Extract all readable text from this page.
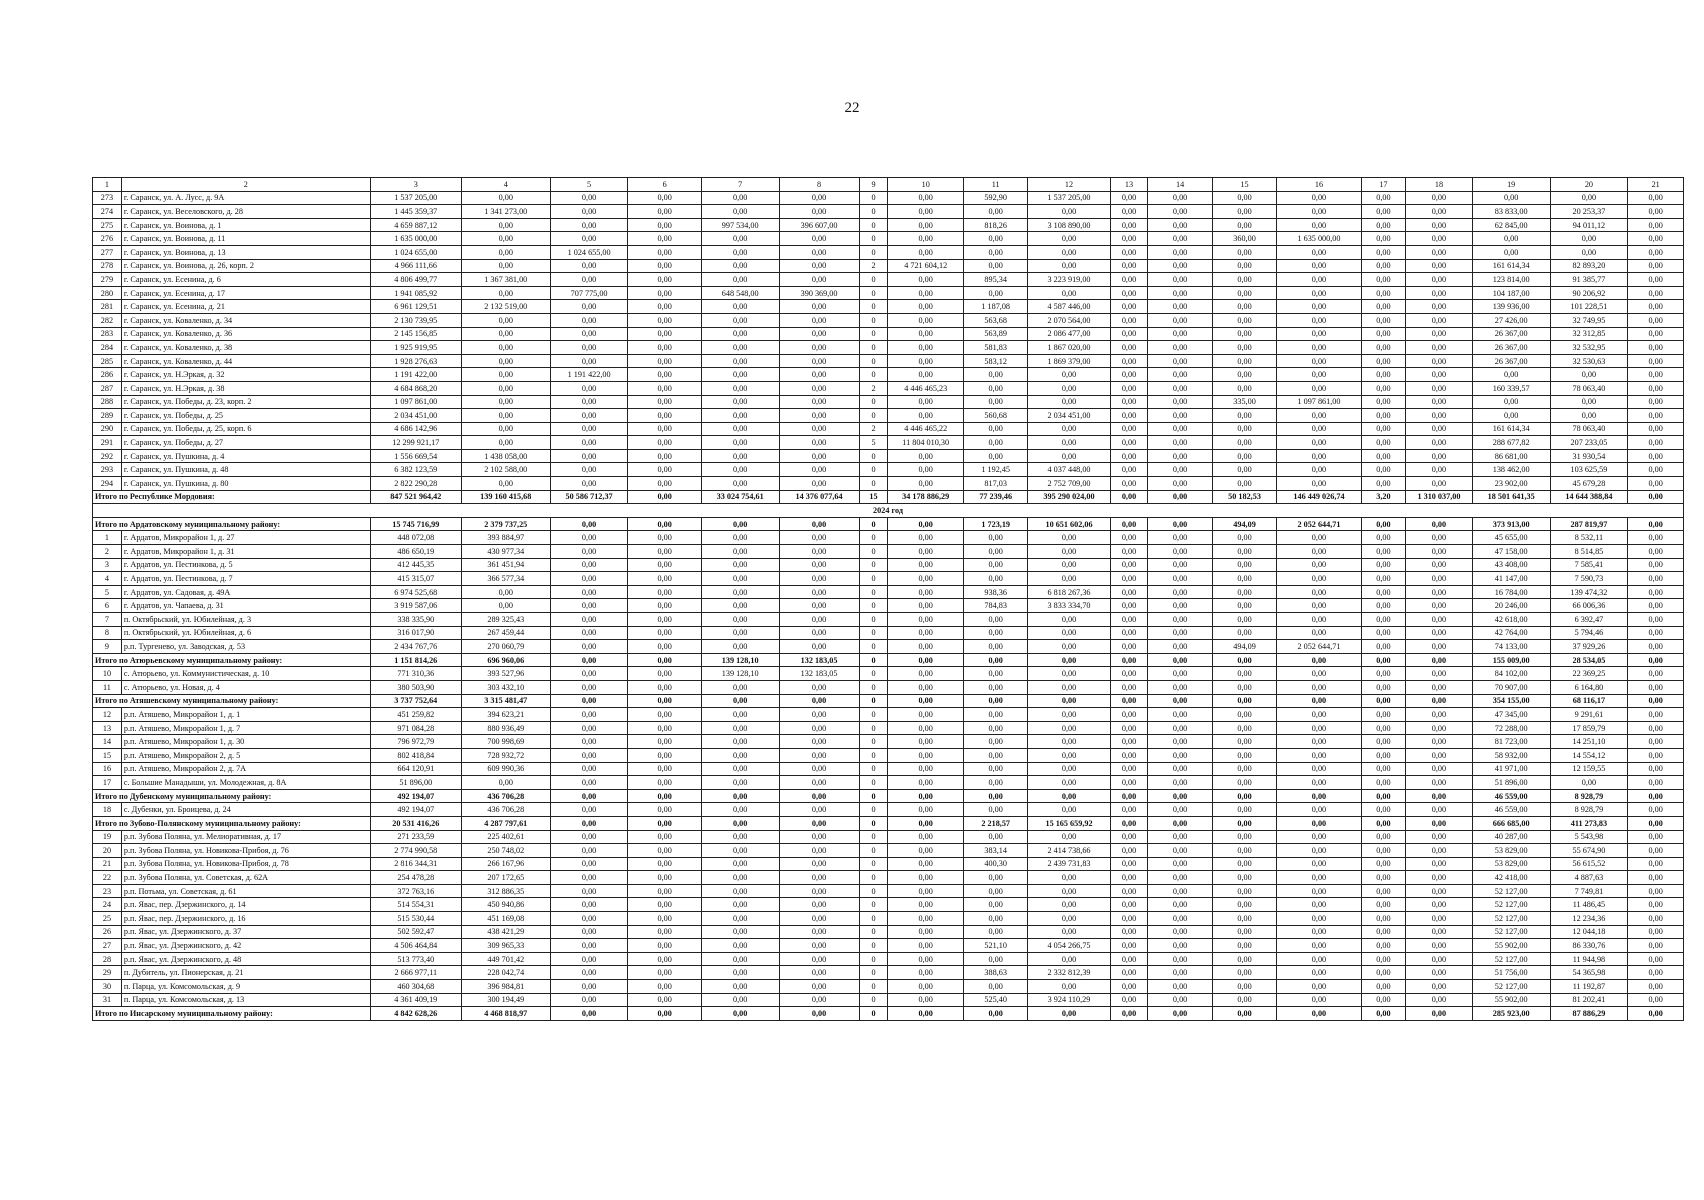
22
1	2	3	4	5	6	7	8	9	10	11	12	13	14	15	16	17	18	19	20	21
273	г. Саранск, ул. А. Лусс, д. 9А	1 537 205,00	0,00	0,00	0,00	0,00	0,00	0	0,00	592,90	1 537 205,00	0,00	0,00	0,00	0,00	0,00	0,00	0,00	0,00	0,00
274	г. Саранск, ул. Веселовского, д. 28	1 445 359,37	1 341 273,00	0,00	0,00	0,00	0,00	0	0,00	0,00	0,00	0,00	0,00	0,00	0,00	0,00	0,00	83 833,00	20 253,37	0,00
275	г. Саранск, ул. Воинова, д. 1	4 659 887,12	0,00	0,00	0,00	997 534,00	396 607,00	0	0,00	818,26	3 108 890,00	0,00	0,00	0,00	0,00	0,00	0,00	62 845,00	94 011,12	0,00
276	г. Саранск, ул. Воинова, д. 11	1 635 000,00	0,00	0,00	0,00	0,00	0,00	0	0,00	0,00	0,00	0,00	0,00	360,00	1 635 000,00	0,00	0,00	0,00	0,00	0,00
277	г. Саранск, ул. Воинова, д. 13	1 024 655,00	0,00	1 024 655,00	0,00	0,00	0,00	0	0,00	0,00	0,00	0,00	0,00	0,00	0,00	0,00	0,00	0,00	0,00	0,00
278	г. Саранск, ул. Воинова, д. 26, корп. 2	4 966 111,66	0,00	0,00	0,00	0,00	0,00	2	4 721 604,12	0,00	0,00	0,00	0,00	0,00	0,00	0,00	0,00	161 614,34	82 893,20	0,00
279	г. Саранск, ул. Есенина, д. 6	4 806 499,77	1 367 381,00	0,00	0,00	0,00	0,00	0	0,00	895,34	3 223 919,00	0,00	0,00	0,00	0,00	0,00	0,00	123 814,00	91 385,77	0,00
280	г. Саранск, ул. Есенина, д. 17	1 941 085,92	0,00	707 775,00	0,00	648 548,00	390 369,00	0	0,00	0,00	0,00	0,00	0,00	0,00	0,00	0,00	0,00	104 187,00	90 206,92	0,00
281	г. Саранск, ул. Есенина, д. 21	6 961 129,51	2 132 519,00	0,00	0,00	0,00	0,00	0	0,00	1 187,08	4 587 446,00	0,00	0,00	0,00	0,00	0,00	0,00	139 936,00	101 228,51	0,00
282	г. Саранск, ул. Коваленко, д. 34	2 130 739,95	0,00	0,00	0,00	0,00	0,00	0	0,00	563,68	2 070 564,00	0,00	0,00	0,00	0,00	0,00	0,00	27 426,00	32 749,95	0,00
283	г. Саранск, ул. Коваленко, д. 36	2 145 156,85	0,00	0,00	0,00	0,00	0,00	0	0,00	563,89	2 086 477,00	0,00	0,00	0,00	0,00	0,00	0,00	26 367,00	32 312,85	0,00
284	г. Саранск, ул. Коваленко, д. 38	1 925 919,95	0,00	0,00	0,00	0,00	0,00	0	0,00	581,83	1 867 020,00	0,00	0,00	0,00	0,00	0,00	0,00	26 367,00	32 532,95	0,00
285	г. Саранск, ул. Коваленко, д. 44	1 928 276,63	0,00	0,00	0,00	0,00	0,00	0	0,00	583,12	1 869 379,00	0,00	0,00	0,00	0,00	0,00	0,00	26 367,00	32 530,63	0,00
286	г. Саранск, ул. Н.Эркая, д. 32	1 191 422,00	0,00	1 191 422,00	0,00	0,00	0,00	0	0,00	0,00	0,00	0,00	0,00	0,00	0,00	0,00	0,00	0,00	0,00	0,00
287	г. Саранск, ул. Н.Эркая, д. 38	4 684 868,20	0,00	0,00	0,00	0,00	0,00	2	4 446 465,23	0,00	0,00	0,00	0,00	0,00	0,00	0,00	0,00	160 339,57	78 063,40	0,00
288	г. Саранск, ул. Победы, д. 23, корп. 2	1 097 861,00	0,00	0,00	0,00	0,00	0,00	0	0,00	0,00	0,00	0,00	0,00	335,00	1 097 861,00	0,00	0,00	0,00	0,00	0,00
289	г. Саранск, ул. Победы, д. 25	2 034 451,00	0,00	0,00	0,00	0,00	0,00	0	0,00	560,68	2 034 451,00	0,00	0,00	0,00	0,00	0,00	0,00	0,00	0,00	0,00
290	г. Саранск, ул. Победы, д. 25, корп. 6	4 686 142,96	0,00	0,00	0,00	0,00	0,00	2	4 446 465,22	0,00	0,00	0,00	0,00	0,00	0,00	0,00	0,00	161 614,34	78 063,40	0,00
291	г. Саранск, ул. Победы, д. 27	12 299 921,17	0,00	0,00	0,00	0,00	0,00	5	11 804 010,30	0,00	0,00	0,00	0,00	0,00	0,00	0,00	0,00	288 677,82	207 233,05	0,00
292	г. Саранск, ул. Пушкина, д. 4	1 556 669,54	1 438 058,00	0,00	0,00	0,00	0,00	0	0,00	0,00	0,00	0,00	0,00	0,00	0,00	0,00	0,00	86 681,00	31 930,54	0,00
293	г. Саранск, ул. Пушкина, д. 48	6 382 123,59	2 102 588,00	0,00	0,00	0,00	0,00	0	0,00	1 192,45	4 037 448,00	0,00	0,00	0,00	0,00	0,00	0,00	138 462,00	103 625,59	0,00
294	г. Саранск, ул. Пушкина, д. 80	2 822 290,28	0,00	0,00	0,00	0,00	0,00	0	0,00	817,03	2 752 709,00	0,00	0,00	0,00	0,00	0,00	0,00	23 902,00	45 679,28	0,00
Итого по Республике Мордовия:		847 521 964,42	139 160 415,68	50 586 712,37	0,00	33 024 754,61	14 376 077,64	15	34 178 886,29	77 239,46	395 290 024,00	0,00	0,00	50 182,53	146 449 026,74	3,20	1 310 037,00	18 501 641,35	14 644 388,84	0,00
2024 год																				
Итого по Ардатовскому муниципальному району:		15 745 716,99	2 379 737,25	0,00	0,00	0,00	0,00	0	0,00	1 723,19	10 651 602,06	0,00	0,00	494,09	2 052 644,71	0,00	0,00	373 913,00	287 819,97	0,00
1	г. Ардатов, Микрорайон 1, д. 27	448 072,08	393 884,97	0,00	0,00	0,00	0,00	0	0,00	0,00	0,00	0,00	0,00	0,00	0,00	0,00	0,00	45 655,00	8 532,11	0,00
2	г. Ардатов, Микрорайон 1, д. 31	486 650,19	430 977,34	0,00	0,00	0,00	0,00	0	0,00	0,00	0,00	0,00	0,00	0,00	0,00	0,00	0,00	47 158,00	8 514,85	0,00
3	г. Ардатов, ул. Пестинкова, д. 5	412 445,35	361 451,94	0,00	0,00	0,00	0,00	0	0,00	0,00	0,00	0,00	0,00	0,00	0,00	0,00	0,00	43 408,00	7 585,41	0,00
4	г. Ардатов, ул. Пестинкова, д. 7	415 315,07	366 577,34	0,00	0,00	0,00	0,00	0	0,00	0,00	0,00	0,00	0,00	0,00	0,00	0,00	0,00	41 147,00	7 590,73	0,00
5	г. Ардатов, ул. Садовая, д. 49А	6 974 525,68	0,00	0,00	0,00	0,00	0,00	0	0,00	938,36	6 818 267,36	0,00	0,00	0,00	0,00	0,00	0,00	16 784,00	139 474,32	0,00
6	г. Ардатов, ул. Чапаева, д. 31	3 919 587,06	0,00	0,00	0,00	0,00	0,00	0	0,00	784,83	3 833 334,70	0,00	0,00	0,00	0,00	0,00	0,00	20 246,00	66 006,36	0,00
7	п. Октябрьский, ул. Юбилейная, д. 3	338 335,90	289 325,43	0,00	0,00	0,00	0,00	0	0,00	0,00	0,00	0,00	0,00	0,00	0,00	0,00	0,00	42 618,00	6 392,47	0,00
8	п. Октябрьский, ул. Юбилейная, д. 6	316 017,90	267 459,44	0,00	0,00	0,00	0,00	0	0,00	0,00	0,00	0,00	0,00	0,00	0,00	0,00	0,00	42 764,00	5 794,46	0,00
9	р.п. Тургенево, ул. Заводская, д. 53	2 434 767,76	270 060,79	0,00	0,00	0,00	0,00	0	0,00	0,00	0,00	0,00	0,00	494,09	2 052 644,71	0,00	0,00	74 133,00	37 929,26	0,00
Итого по Атюрьевскому муниципальному району:		1 151 814,26	696 960,06	0,00	0,00	139 128,10	132 183,05	0	0,00	0,00	0,00	0,00	0,00	0,00	0,00	0,00	0,00	155 009,00	28 534,05	0,00
10	с. Атюрьево, ул. Коммунистическая, д. 10	771 310,36	393 527,96	0,00	0,00	139 128,10	132 183,05	0	0,00	0,00	0,00	0,00	0,00	0,00	0,00	0,00	0,00	84 102,00	22 369,25	0,00
11	с. Атюрьево, ул. Новая, д. 4	380 503,90	303 432,10	0,00	0,00	0,00	0,00	0	0,00	0,00	0,00	0,00	0,00	0,00	0,00	0,00	0,00	70 907,00	6 164,80	0,00
Итого по Атяшевскому муниципальному району:		3 737 752,64	3 315 481,47	0,00	0,00	0,00	0,00	0	0,00	0,00	0,00	0,00	0,00	0,00	0,00	0,00	0,00	354 155,00	68 116,17	0,00
12	р.п. Атяшево, Микрорайон 1, д. 1	451 259,82	394 623,21	0,00	0,00	0,00	0,00	0	0,00	0,00	0,00	0,00	0,00	0,00	0,00	0,00	0,00	47 345,00	9 291,61	0,00
13	р.п. Атяшево, Микрорайон 1, д. 7	971 084,28	880 936,49	0,00	0,00	0,00	0,00	0	0,00	0,00	0,00	0,00	0,00	0,00	0,00	0,00	0,00	72 288,00	17 859,79	0,00
14	р.п. Атяшево, Микрорайон 1, д. 30	796 972,79	700 998,69	0,00	0,00	0,00	0,00	0	0,00	0,00	0,00	0,00	0,00	0,00	0,00	0,00	0,00	81 723,00	14 251,10	0,00
15	р.п. Атяшево, Микрорайон 2, д. 5	802 418,84	728 932,72	0,00	0,00	0,00	0,00	0	0,00	0,00	0,00	0,00	0,00	0,00	0,00	0,00	0,00	58 932,00	14 554,12	0,00
16	р.п. Атяшево, Микрорайон 2, д. 7А	664 120,91	609 990,36	0,00	0,00	0,00	0,00	0	0,00	0,00	0,00	0,00	0,00	0,00	0,00	0,00	0,00	41 971,00	12 159,55	0,00
17	с. Большие Манадыши, ул. Молодежная, д. 8А	51 896,00	0,00	0,00	0,00	0,00	0,00	0	0,00	0,00	0,00	0,00	0,00	0,00	0,00	0,00	0,00	51 896,00	0,00	0,00
Итого по Дубенскому муниципальному району:		492 194,07	436 706,28	0,00	0,00	0,00	0,00	0	0,00	0,00	0,00	0,00	0,00	0,00	0,00	0,00	0,00	46 559,00	8 928,79	0,00
18	с. Дубенки, ул. Броицева, д. 24	492 194,07	436 706,28	0,00	0,00	0,00	0,00	0	0,00	0,00	0,00	0,00	0,00	0,00	0,00	0,00	0,00	46 559,00	8 928,79	0,00
Итого по Зубово-Полянскому муниципальному району:		20 531 416,26	4 287 797,61	0,00	0,00	0,00	0,00	0	0,00	2 218,57	15 165 659,92	0,00	0,00	0,00	0,00	0,00	0,00	666 685,00	411 273,83	0,00
19	р.п. Зубова Поляна, ул. Мелиоративная, д. 17	271 233,59	225 402,61	0,00	0,00	0,00	0,00	0	0,00	0,00	0,00	0,00	0,00	0,00	0,00	0,00	0,00	40 287,00	5 543,98	0,00
20	р.п. Зубова Поляна, ул. Новикова-Прибоя, д. 76	2 774 990,58	250 748,02	0,00	0,00	0,00	0,00	0	0,00	383,14	2 414 738,66	0,00	0,00	0,00	0,00	0,00	0,00	53 829,00	55 674,90	0,00
21	р.п. Зубова Поляна, ул. Новикова-Прибоя, д. 78	2 816 344,31	266 167,96	0,00	0,00	0,00	0,00	0	0,00	400,30	2 439 731,83	0,00	0,00	0,00	0,00	0,00	0,00	53 829,00	56 615,52	0,00
22	р.п. Зубова Поляна, ул. Советская, д. 62А	254 478,28	207 172,65	0,00	0,00	0,00	0,00	0	0,00	0,00	0,00	0,00	0,00	0,00	0,00	0,00	0,00	42 418,00	4 887,63	0,00
23	р.п. Потьма, ул. Советская, д. 61	372 763,16	312 886,35	0,00	0,00	0,00	0,00	0	0,00	0,00	0,00	0,00	0,00	0,00	0,00	0,00	0,00	52 127,00	7 749,81	0,00
24	р.п. Явас, пер. Дзержинского, д. 14	514 554,31	450 940,86	0,00	0,00	0,00	0,00	0	0,00	0,00	0,00	0,00	0,00	0,00	0,00	0,00	0,00	52 127,00	11 486,45	0,00
25	р.п. Явас, пер. Дзержинского, д. 16	515 530,44	451 169,08	0,00	0,00	0,00	0,00	0	0,00	0,00	0,00	0,00	0,00	0,00	0,00	0,00	0,00	52 127,00	12 234,36	0,00
26	р.п. Явас, ул. Дзержинского, д. 37	502 592,47	438 421,29	0,00	0,00	0,00	0,00	0	0,00	0,00	0,00	0,00	0,00	0,00	0,00	0,00	0,00	52 127,00	12 044,18	0,00
27	р.п. Явас, ул. Дзержинского, д. 42	4 506 464,84	309 965,33	0,00	0,00	0,00	0,00	0	0,00	521,10	4 054 266,75	0,00	0,00	0,00	0,00	0,00	0,00	55 902,00	86 330,76	0,00
28	р.п. Явас, ул. Дзержинского, д. 48	513 773,40	449 701,42	0,00	0,00	0,00	0,00	0	0,00	0,00	0,00	0,00	0,00	0,00	0,00	0,00	0,00	52 127,00	11 944,98	0,00
29	п. Дубитель, ул. Пионерская, д. 21	2 666 977,11	228 042,74	0,00	0,00	0,00	0,00	0	0,00	388,63	2 332 812,39	0,00	0,00	0,00	0,00	0,00	0,00	51 756,00	54 365,98	0,00
30	п. Парца, ул. Комсомольская, д. 9	460 304,68	396 984,81	0,00	0,00	0,00	0,00	0	0,00	0,00	0,00	0,00	0,00	0,00	0,00	0,00	0,00	52 127,00	11 192,87	0,00
31	п. Парца, ул. Комсомольская, д. 13	4 361 409,19	300 194,49	0,00	0,00	0,00	0,00	0	0,00	525,40	3 924 110,29	0,00	0,00	0,00	0,00	0,00	0,00	55 902,00	81 202,41	0,00
Итого по Инсарскому муниципальному району:		4 842 628,26	4 468 818,97	0,00	0,00	0,00	0,00	0	0,00	0,00	0,00	0,00	0,00	0,00	0,00	0,00	0,00	285 923,00	87 886,29	0,00
